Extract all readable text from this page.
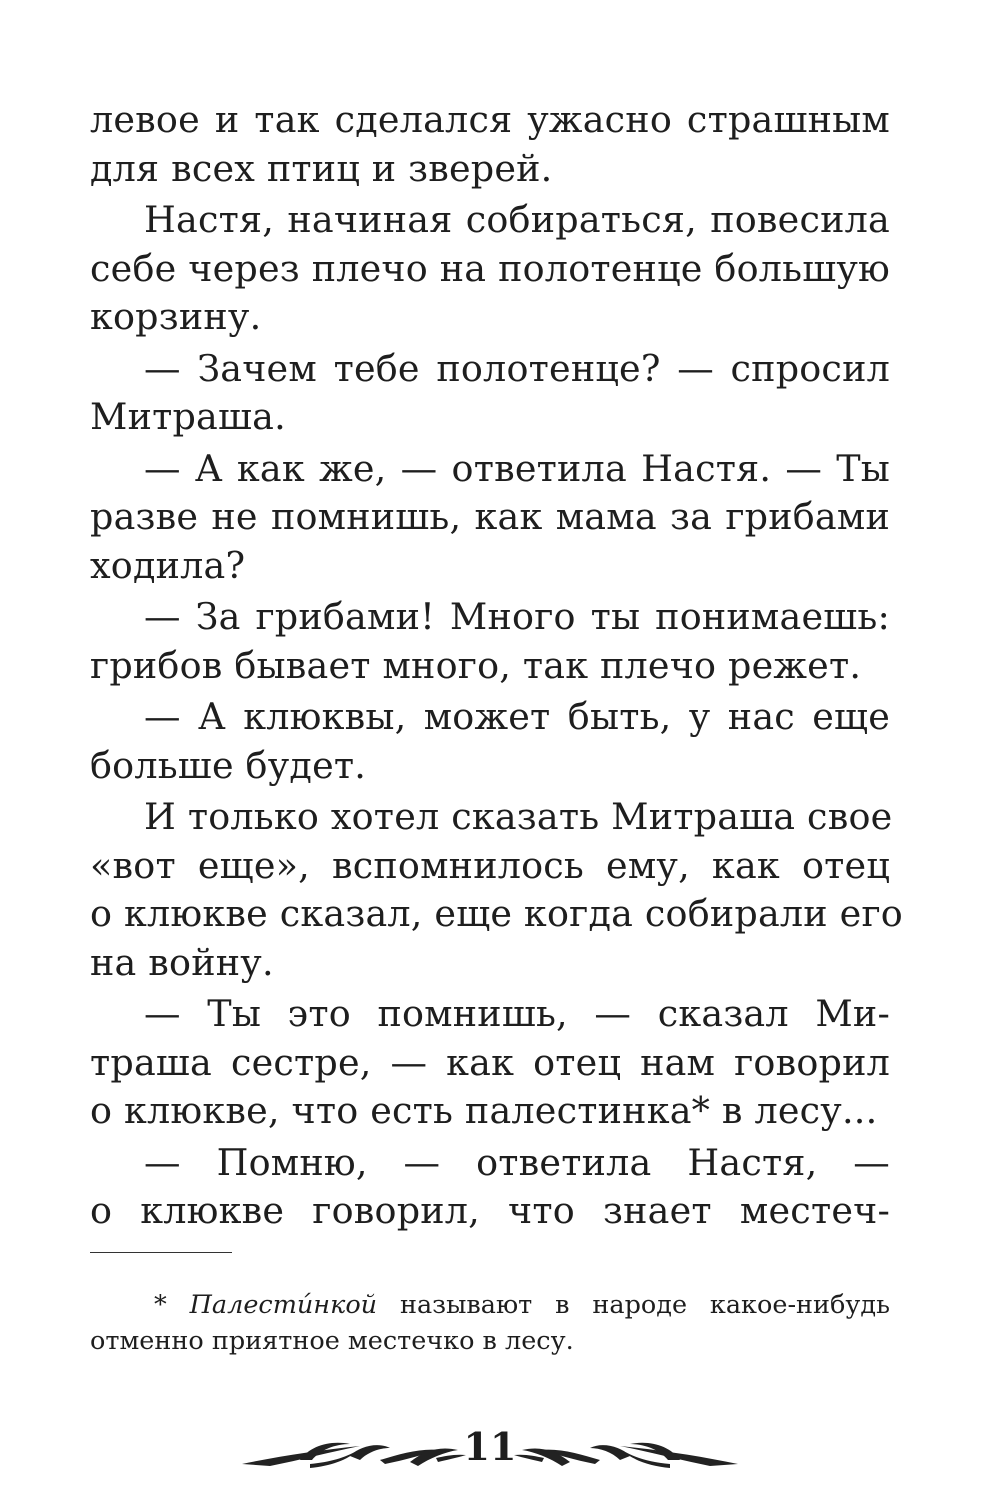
левое и так сделался ужасно страшным
для всех птиц и зверей.
Настя, начиная собираться, повесила
себе через плечо на полотенце большую
корзину.
— Зачем тебе полотенце? — спросил
Митраша.
— А как же, — ответила Настя. — Ты
разве не помнишь, как мама за грибами
ходила?
— За грибами! Много ты понимаешь:
грибов бывает много, так плечо режет.
— А клюквы, может быть, у нас еще
больше будет.
И только хотел сказать Митраша свое
«вот еще», вспомнилось ему, как отец
о клюкве сказал, еще когда собирали его
на войну.
— Ты это помнишь, — сказал Ми-
траша сестре, — как отец нам говорил
о клюкве, что есть палестинка* в лесу...
— Помню, — ответила Настя, —
о клюкве говорил, что знает местеч-
* Палестúнкой называют в народе какое-нибудь
отменно приятное местечко в лесу.
11
